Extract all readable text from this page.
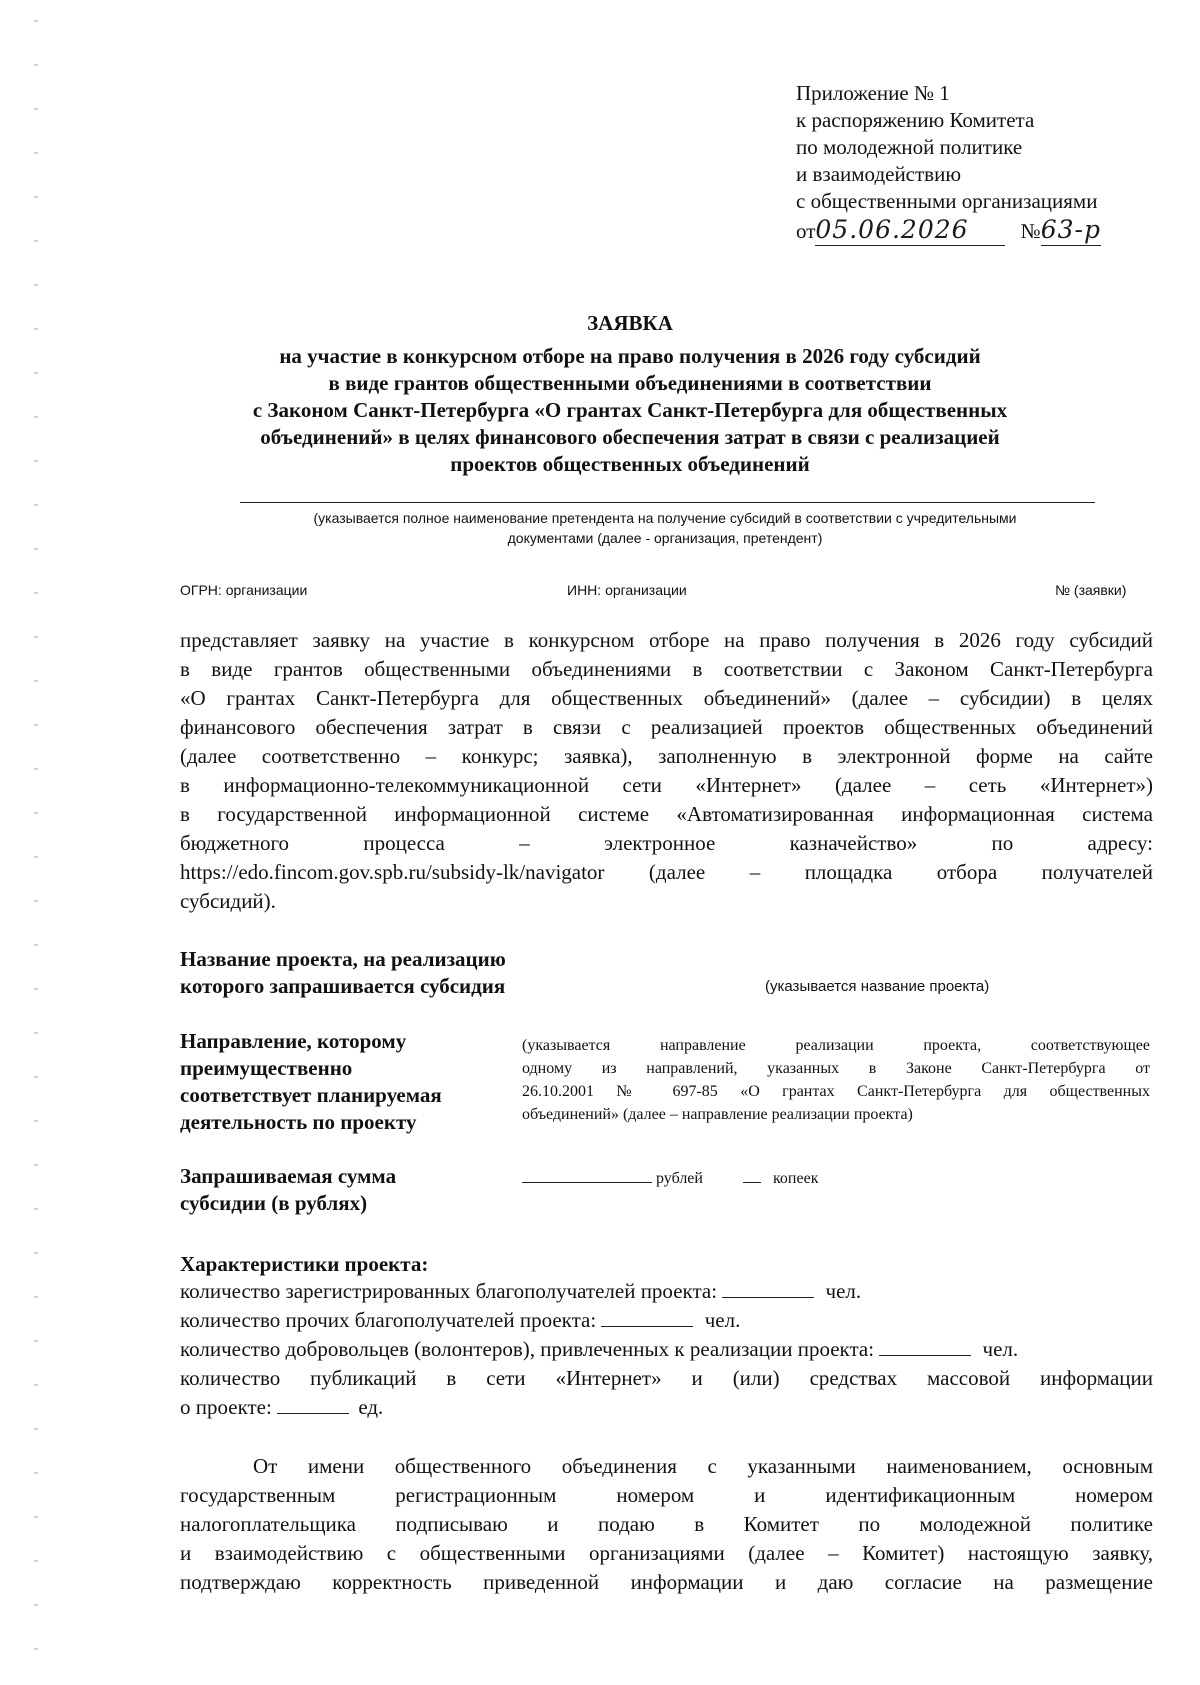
Приложение № 1
к распоряжению Комитета
по молодежной политике
и взаимодействию
с общественными организациями
от05.06.2026 №63-р
ЗАЯВКА
на участие в конкурсном отборе на право получения в 2026 году субсидий
в виде грантов общественными объединениями в соответствии
с Законом Санкт-Петербурга «О грантах Санкт-Петербурга для общественных
объединений» в целях финансового обеспечения затрат в связи с реализацией
проектов общественных объединений
(указывается полное наименование претендента на получение субсидий в соответствии с учредительными
документами (далее - организация, претендент)
ОГРН: организации	ИНН: организации	№ (заявки)
представляет заявку на участие в конкурсном отборе на право получения в 2026 году субсидий
в виде грантов общественными объединениями в соответствии с Законом Санкт-Петербурга
«О грантах Санкт-Петербурга для общественных объединений» (далее – субсидии) в целях
финансового обеспечения затрат в связи с реализацией проектов общественных объединений
(далее соответственно – конкурс; заявка), заполненную в электронной форме на сайте
в информационно-телекоммуникационной сети «Интернет» (далее – сеть «Интернет»)
в государственной информационной системе «Автоматизированная информационная система
бюджетного процесса – электронное казначейство» по адресу:
https://edo.fincom.gov.spb.ru/subsidy-lk/navigator (далее – площадка отбора получателей
субсидий).
Название проекта, на реализацию
которого запрашивается субсидия	(указывается название проекта)
Направление, которому
преимущественно
соответствует планируемая
деятельность по проекту
(указывается направление реализации проекта, соответствующее
одному из направлений, указанных в Законе Санкт-Петербурга от
26.10.2001 № 697-85 «О грантах Санкт-Петербурга для общественных
объединений» (далее – направление реализации проекта)
Запрашиваемая сумма
субсидии (в рублях)
рублей	копеек
Характеристики проекта:
количество зарегистрированных благополучателей проекта:	чел.
количество прочих благополучателей проекта:	чел.
количество добровольцев (волонтеров), привлеченных к реализации проекта:	чел.
количество публикаций в сети «Интернет» и (или) средствах массовой информации
о проекте:	ед.
От имени общественного объединения с указанными наименованием, основным
государственным регистрационным номером и идентификационным номером
налогоплательщика подписываю и подаю в Комитет по молодежной политике
и взаимодействию с общественными организациями (далее – Комитет) настоящую заявку,
подтверждаю корректность приведенной информации и даю согласие на размещение
